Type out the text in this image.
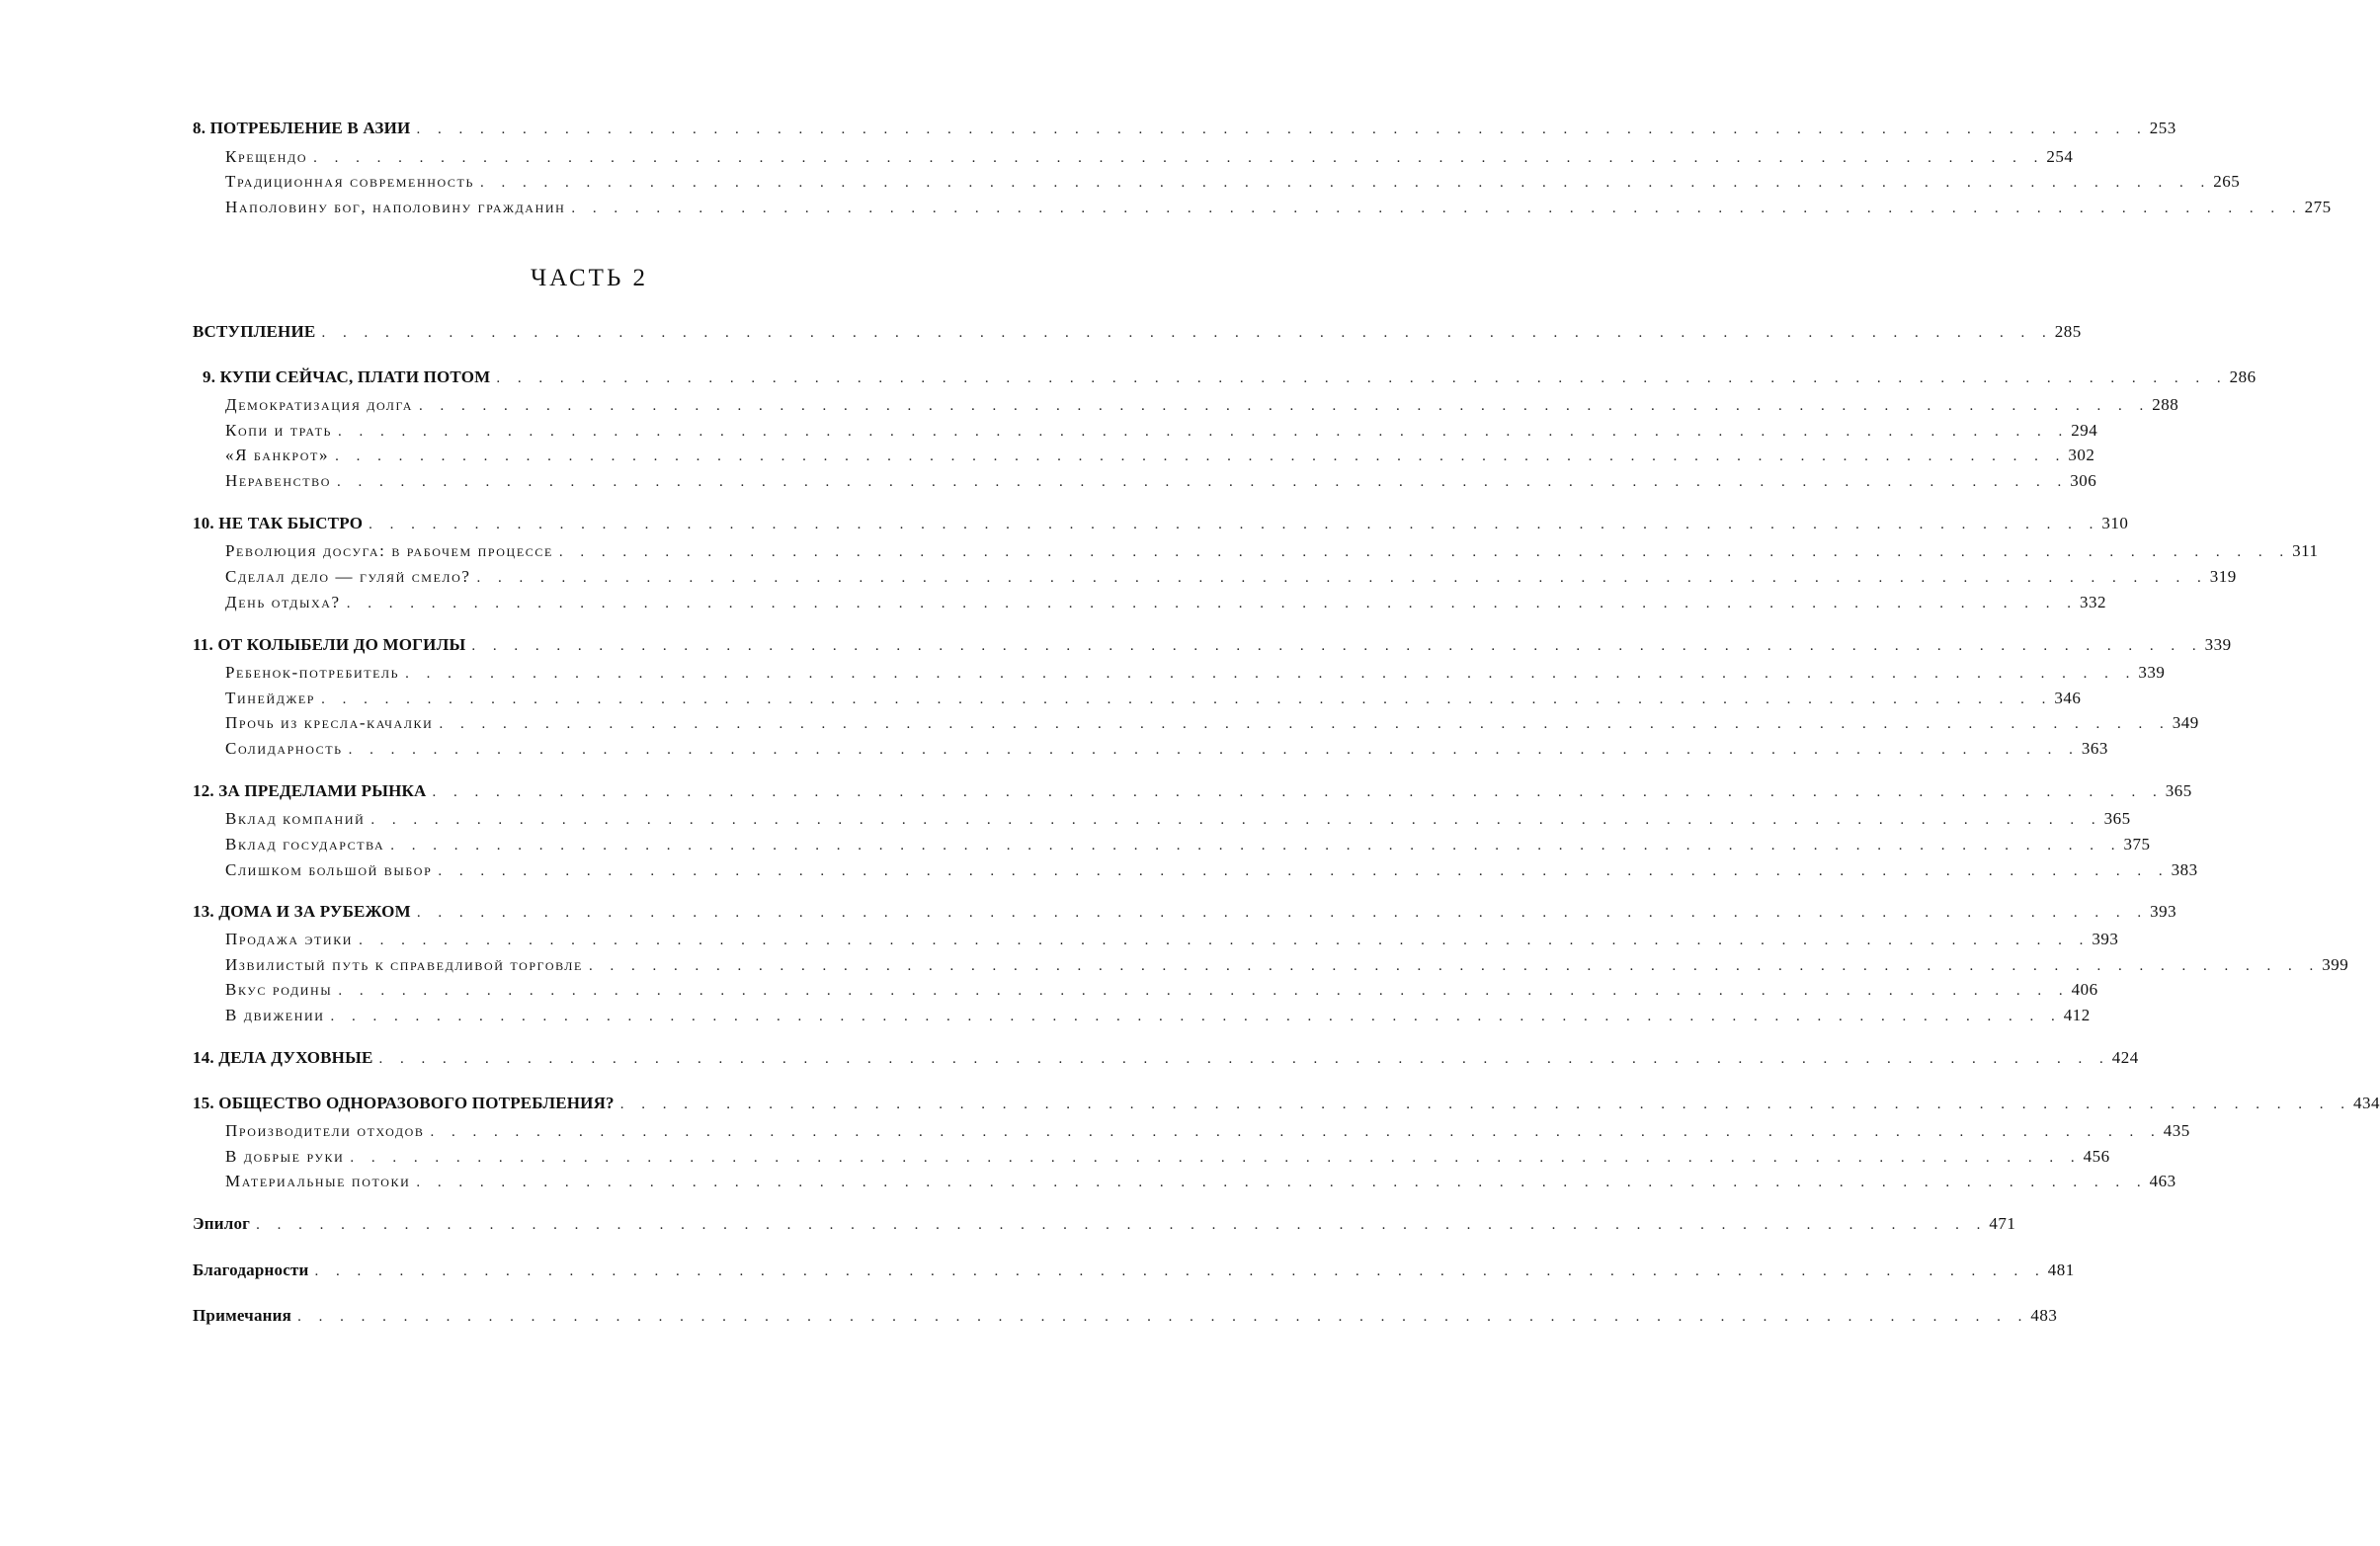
8. ПОТРЕБЛЕНИЕ В АЗИИ . . . . . . . . . . . . . . . . . . . . . . . . . . . . . . . . . . . . . . . . . . . . . . . . . . . . . . . . . . . . . . . . . . . . . . . . . . . . . . . . . . 253
Крещендо . . . . . . . . . . . . . . . . . . . . . . . . . . . . . . . . . . . . . . . . . . . . . . . . . . . . . . . . . . . . . . . . . . . . . . . . . . . . . . . . . . 254
Традиционная современность . . . . . . . . . . . . . . . . . . . . . . . . . . . . . . . . . . . . . . . . . . . . . . . . . . . . . . . . . . . . . . . . . . . . . . . . . . . . . . . . . . 265
Наполовину бог, наполовину гражданин . . . . . . . . . . . . . . . . . . . . . . . . . . . . . . . . . . . . . . . . . . . . . . . . . . . . . . . . . . . . . . . . . . . . . . . . . . . . . . . . . . 275
ЧАСТЬ 2
ВСТУПЛЕНИЕ . . . . . . . . . . . . . . . . . . . . . . . . . . . . . . . . . . . . . . . . . . . . . . . . . . . . . . . . . . . . . . . . . . . . . . . . . . . . . . . . . . 285
9. КУПИ СЕЙЧАС, ПЛАТИ ПОТОМ . . . . . . . . . . . . . . . . . . . . . . . . . . . . . . . . . . . . . . . . . . . . . . . . . . . . . . . . . . . . . . . . . . . . . . . . . . . . . . . . . . 286
Демократизация долга . . . . . . . . . . . . . . . . . . . . . . . . . . . . . . . . . . . . . . . . . . . . . . . . . . . . . . . . . . . . . . . . . . . . . . . . . . . . . . . . . . 288
Копи и трать . . . . . . . . . . . . . . . . . . . . . . . . . . . . . . . . . . . . . . . . . . . . . . . . . . . . . . . . . . . . . . . . . . . . . . . . . . . . . . . . . . 294
«Я банкрот» . . . . . . . . . . . . . . . . . . . . . . . . . . . . . . . . . . . . . . . . . . . . . . . . . . . . . . . . . . . . . . . . . . . . . . . . . . . . . . . . . . 302
Неравенство . . . . . . . . . . . . . . . . . . . . . . . . . . . . . . . . . . . . . . . . . . . . . . . . . . . . . . . . . . . . . . . . . . . . . . . . . . . . . . . . . . 306
10. НЕ ТАК БЫСТРО . . . . . . . . . . . . . . . . . . . . . . . . . . . . . . . . . . . . . . . . . . . . . . . . . . . . . . . . . . . . . . . . . . . . . . . . . . . . . . . . . . 310
Революция досуга: в рабочем процессе . . . . . . . . . . . . . . . . . . . . . . . . . . . . . . . . . . . . . . . . . . . . . . . . . . . . . . . . . . . . . . . . . . . . . . . . . . . . . . . . . . 311
Сделал дело — гуляй смело? . . . . . . . . . . . . . . . . . . . . . . . . . . . . . . . . . . . . . . . . . . . . . . . . . . . . . . . . . . . . . . . . . . . . . . . . . . . . . . . . . . 319
День отдыха? . . . . . . . . . . . . . . . . . . . . . . . . . . . . . . . . . . . . . . . . . . . . . . . . . . . . . . . . . . . . . . . . . . . . . . . . . . . . . . . . . . 332
11. ОТ КОЛЫБЕЛИ ДО МОГИЛЫ . . . . . . . . . . . . . . . . . . . . . . . . . . . . . . . . . . . . . . . . . . . . . . . . . . . . . . . . . . . . . . . . . . . . . . . . . . . . . . . . . . 339
Ребенок-потребитель . . . . . . . . . . . . . . . . . . . . . . . . . . . . . . . . . . . . . . . . . . . . . . . . . . . . . . . . . . . . . . . . . . . . . . . . . . . . . . . . . . 339
Тинейджер . . . . . . . . . . . . . . . . . . . . . . . . . . . . . . . . . . . . . . . . . . . . . . . . . . . . . . . . . . . . . . . . . . . . . . . . . . . . . . . . . . 346
Прочь из кресла-качалки . . . . . . . . . . . . . . . . . . . . . . . . . . . . . . . . . . . . . . . . . . . . . . . . . . . . . . . . . . . . . . . . . . . . . . . . . . . . . . . . . . 349
Солидарность . . . . . . . . . . . . . . . . . . . . . . . . . . . . . . . . . . . . . . . . . . . . . . . . . . . . . . . . . . . . . . . . . . . . . . . . . . . . . . . . . . 363
12. ЗА ПРЕДЕЛАМИ РЫНКА . . . . . . . . . . . . . . . . . . . . . . . . . . . . . . . . . . . . . . . . . . . . . . . . . . . . . . . . . . . . . . . . . . . . . . . . . . . . . . . . . . 365
Вклад компаний . . . . . . . . . . . . . . . . . . . . . . . . . . . . . . . . . . . . . . . . . . . . . . . . . . . . . . . . . . . . . . . . . . . . . . . . . . . . . . . . . . 365
Вклад государства . . . . . . . . . . . . . . . . . . . . . . . . . . . . . . . . . . . . . . . . . . . . . . . . . . . . . . . . . . . . . . . . . . . . . . . . . . . . . . . . . . 375
Слишком большой выбор . . . . . . . . . . . . . . . . . . . . . . . . . . . . . . . . . . . . . . . . . . . . . . . . . . . . . . . . . . . . . . . . . . . . . . . . . . . . . . . . . . 383
13. ДОМА И ЗА РУБЕЖОМ . . . . . . . . . . . . . . . . . . . . . . . . . . . . . . . . . . . . . . . . . . . . . . . . . . . . . . . . . . . . . . . . . . . . . . . . . . . . . . . . . . 393
Продажа этики . . . . . . . . . . . . . . . . . . . . . . . . . . . . . . . . . . . . . . . . . . . . . . . . . . . . . . . . . . . . . . . . . . . . . . . . . . . . . . . . . . 393
Извилистый путь к справедливой торговле . . . . . . . . . . . . . . . . . . . . . . . . . . . . . . . . . . . . . . . . . . . . . . . . . . . . . . . . . . . . . . . . . . . . . . . . . . . . . . . . . . 399
Вкус родины . . . . . . . . . . . . . . . . . . . . . . . . . . . . . . . . . . . . . . . . . . . . . . . . . . . . . . . . . . . . . . . . . . . . . . . . . . . . . . . . . . 406
В движении . . . . . . . . . . . . . . . . . . . . . . . . . . . . . . . . . . . . . . . . . . . . . . . . . . . . . . . . . . . . . . . . . . . . . . . . . . . . . . . . . . 412
14. ДЕЛА ДУХОВНЫЕ . . . . . . . . . . . . . . . . . . . . . . . . . . . . . . . . . . . . . . . . . . . . . . . . . . . . . . . . . . . . . . . . . . . . . . . . . . . . . . . . . . 424
15. ОБЩЕСТВО ОДНОРАЗОВОГО ПОТРЕБЛЕНИЯ? . . . . . . . . . . . . . . . . . . . . . . . . . . . . . . . . . . . . . . . . . . . . . . . . . . . . . . . . . . . . . . . . . . . . . . . . . . . . . . . . . . 434
Производители отходов . . . . . . . . . . . . . . . . . . . . . . . . . . . . . . . . . . . . . . . . . . . . . . . . . . . . . . . . . . . . . . . . . . . . . . . . . . . . . . . . . . 435
В добрые руки . . . . . . . . . . . . . . . . . . . . . . . . . . . . . . . . . . . . . . . . . . . . . . . . . . . . . . . . . . . . . . . . . . . . . . . . . . . . . . . . . . 456
Материальные потоки . . . . . . . . . . . . . . . . . . . . . . . . . . . . . . . . . . . . . . . . . . . . . . . . . . . . . . . . . . . . . . . . . . . . . . . . . . . . . . . . . . 463
Эпилог . . . . . . . . . . . . . . . . . . . . . . . . . . . . . . . . . . . . . . . . . . . . . . . . . . . . . . . . . . . . . . . . . . . . . . . . . . . . . . . . . . 471
Благодарности . . . . . . . . . . . . . . . . . . . . . . . . . . . . . . . . . . . . . . . . . . . . . . . . . . . . . . . . . . . . . . . . . . . . . . . . . . . . . . . . . . 481
Примечания . . . . . . . . . . . . . . . . . . . . . . . . . . . . . . . . . . . . . . . . . . . . . . . . . . . . . . . . . . . . . . . . . . . . . . . . . . . . . . . . . . 483
